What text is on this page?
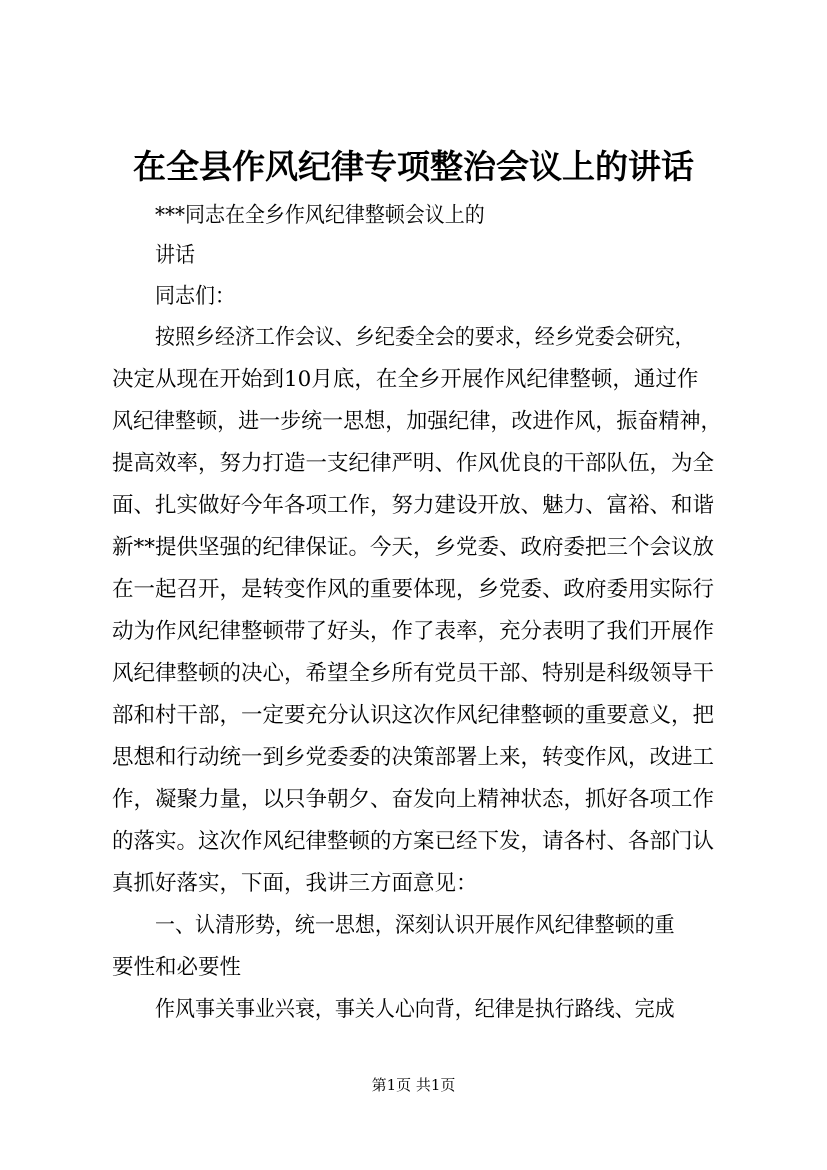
在全县作风纪律专项整治会议上的讲话
***同志在全乡作风纪律整顿会议上的
讲话
同志们：
按照乡经济工作会议、乡纪委全会的要求，经乡党委会研究，
决定从现在开始到10月底，在全乡开展作风纪律整顿，通过作
风纪律整顿，进一步统一思想，加强纪律，改进作风，振奋精神，
提高效率，努力打造一支纪律严明、作风优良的干部队伍，为全
面、扎实做好今年各项工作，努力建设开放、魅力、富裕、和谐
新**提供坚强的纪律保证。今天，乡党委、政府委把三个会议放
在一起召开，是转变作风的重要体现，乡党委、政府委用实际行
动为作风纪律整顿带了好头，作了表率，充分表明了我们开展作
风纪律整顿的决心，希望全乡所有党员干部、特别是科级领导干
部和村干部，一定要充分认识这次作风纪律整顿的重要意义，把
思想和行动统一到乡党委委的决策部署上来，转变作风，改进工
作，凝聚力量，以只争朝夕、奋发向上精神状态，抓好各项工作
的落实。这次作风纪律整顿的方案已经下发，请各村、各部门认
真抓好落实，下面，我讲三方面意见：
一、认清形势，统一思想，深刻认识开展作风纪律整顿的重
要性和必要性
作风事关事业兴衰，事关人心向背，纪律是执行路线、完成
第1页 共1页
